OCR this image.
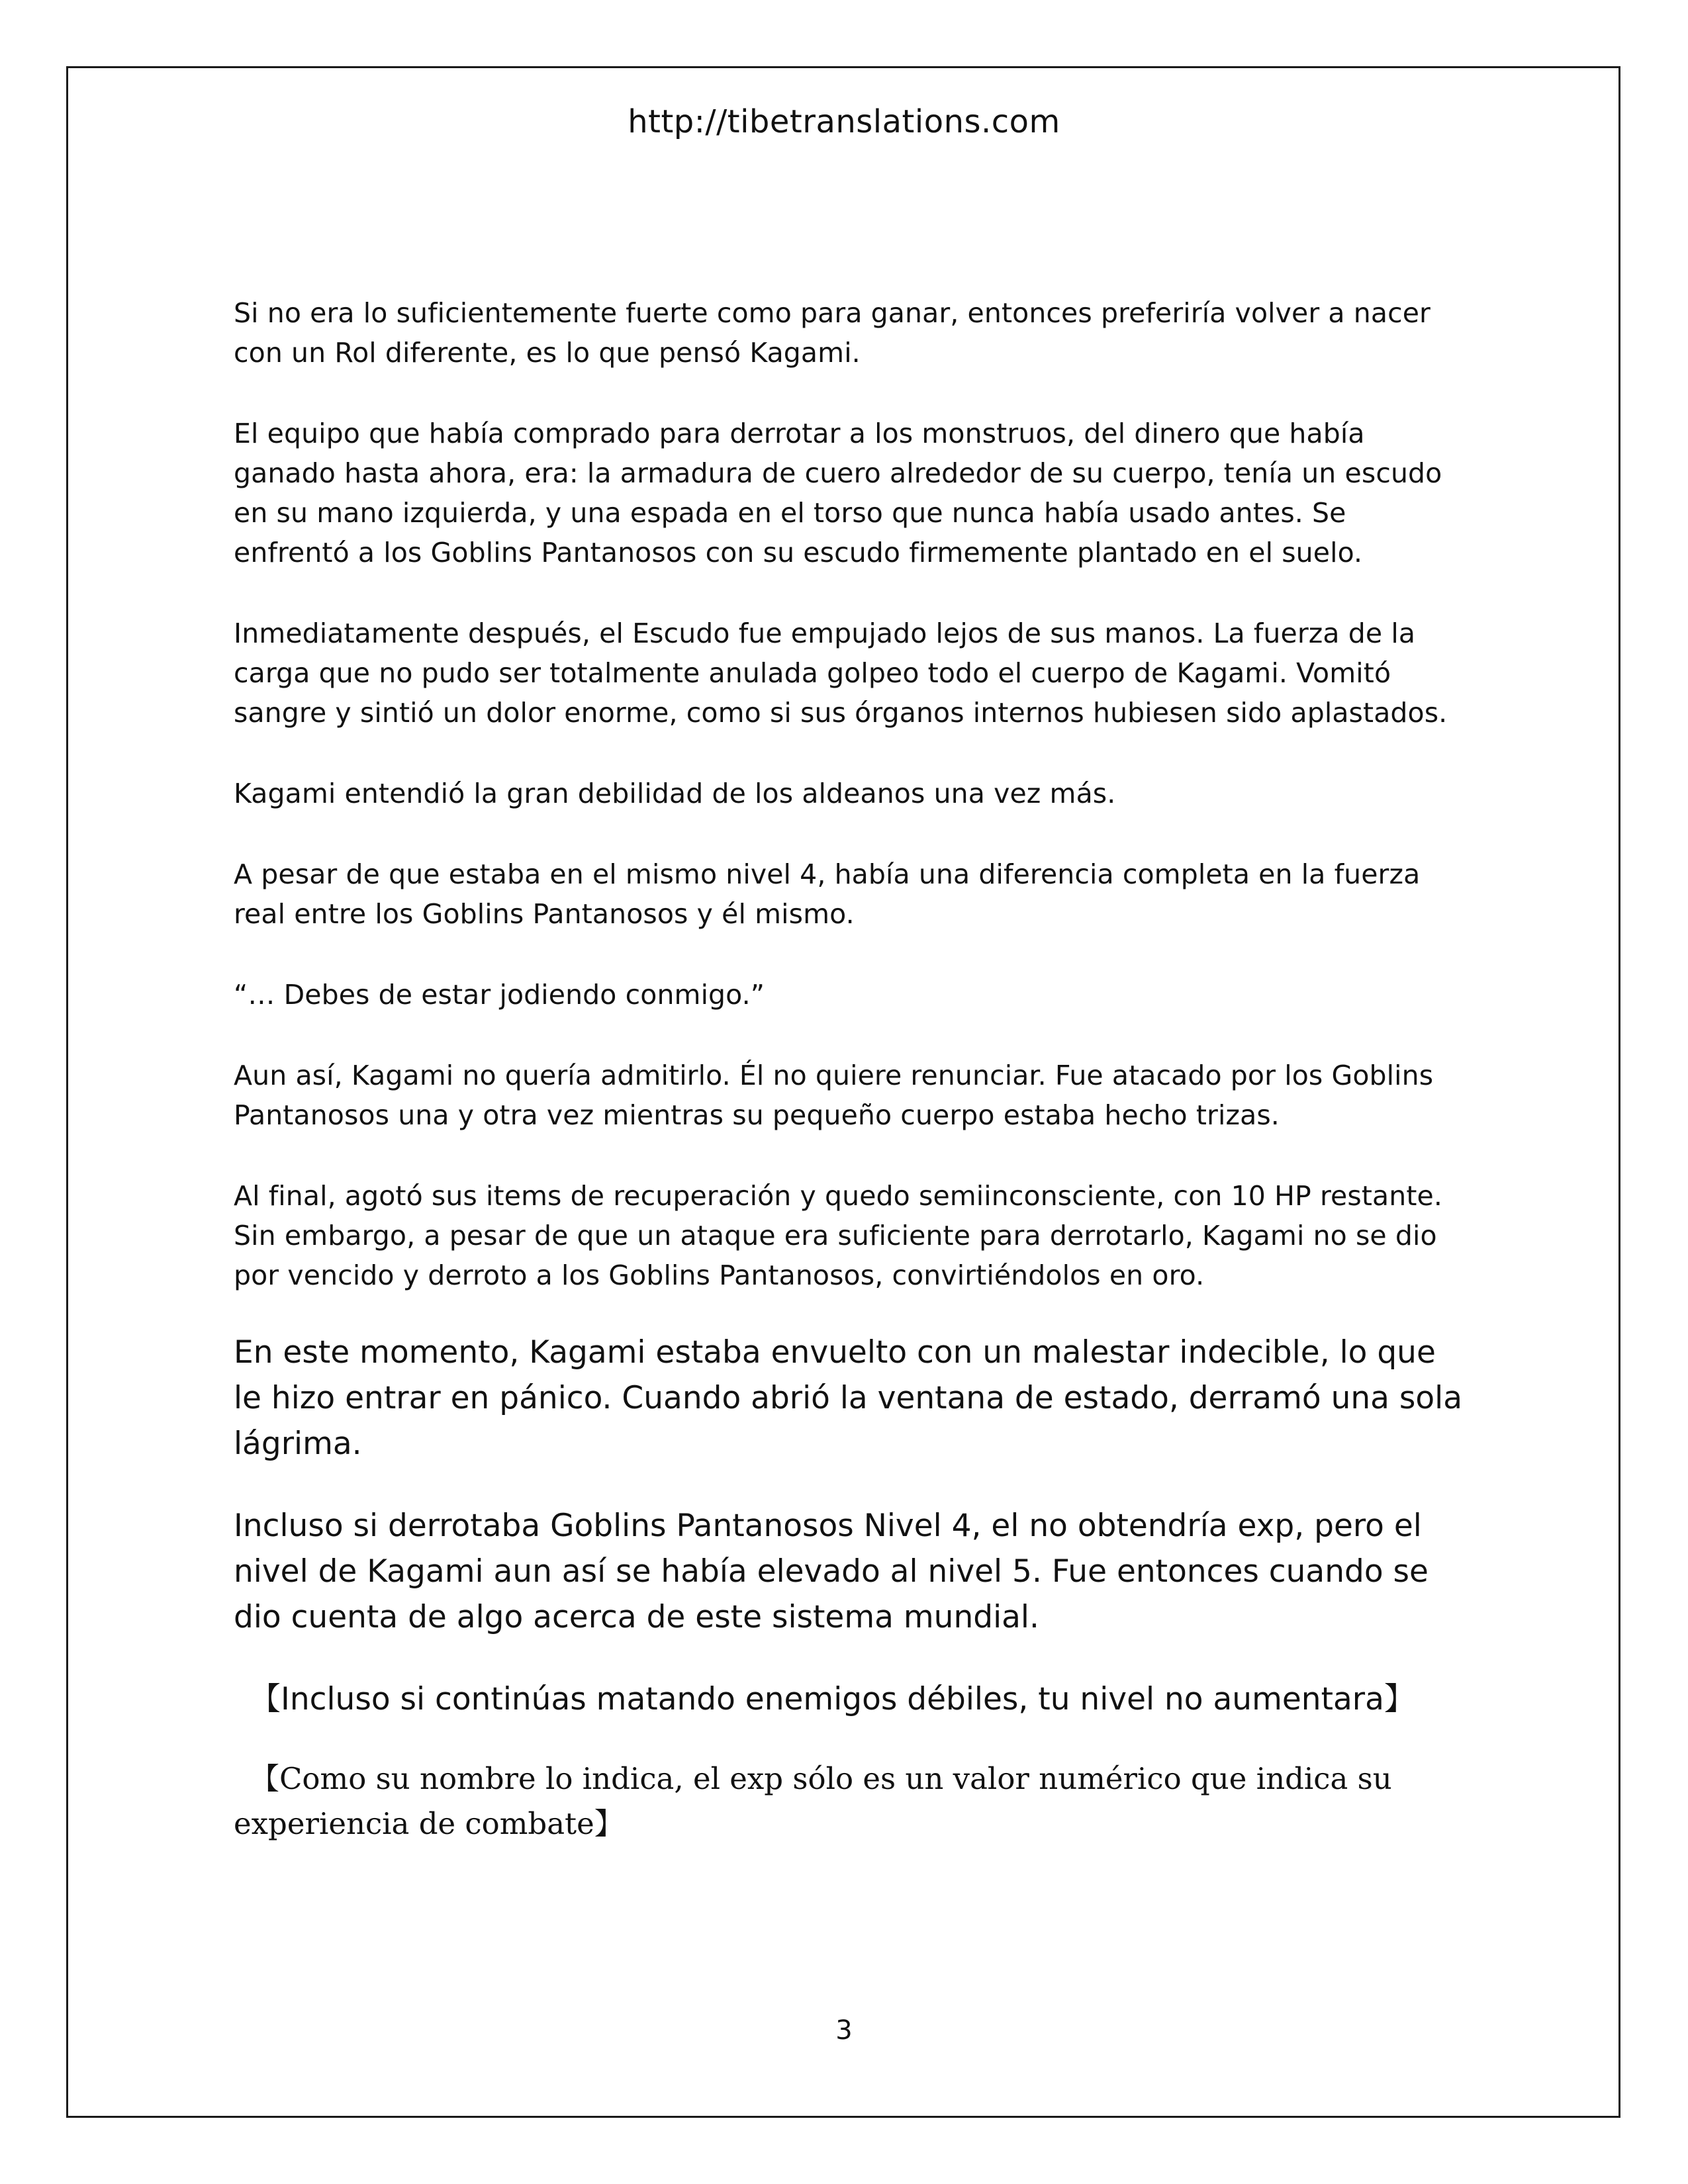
http://tibetranslations.com

Si no era lo suficientemente fuerte como para ganar, entonces preferiría volver a nacer con un Rol diferente, es lo que pensó Kagami.

El equipo que había comprado para derrotar a los monstruos, del dinero que había ganado hasta ahora, era: la armadura de cuero alrededor de su cuerpo, tenía un escudo en su mano izquierda, y una espada en el torso que nunca había usado antes. Se enfrentó a los Goblins Pantanosos con su escudo firmemente plantado en el suelo.

Inmediatamente después, el Escudo fue empujado lejos de sus manos. La fuerza de la carga que no pudo ser totalmente anulada golpeo todo el cuerpo de Kagami. Vomitó sangre y sintió un dolor enorme, como si sus órganos internos hubiesen sido aplastados.

Kagami entendió la gran debilidad de los aldeanos una vez más.

A pesar de que estaba en el mismo nivel 4, había una diferencia completa en la fuerza real entre los Goblins Pantanosos y él mismo.

“… Debes de estar jodiendo conmigo.”

Aun así, Kagami no quería admitirlo. Él no quiere renunciar. Fue atacado por los Goblins Pantanosos una y otra vez mientras su pequeño cuerpo estaba hecho trizas.

Al final, agotó sus items de recuperación y quedo semiinconsciente, con 10 HP restante. Sin embargo, a pesar de que un ataque era suficiente para derrotarlo, Kagami no se dio por vencido y derroto a los Goblins Pantanosos, convirtiéndolos en oro.

En este momento, Kagami estaba envuelto con un malestar indecible, lo que le hizo entrar en pánico. Cuando abrió la ventana de estado, derramó una sola lágrima.

Incluso si derrotaba Goblins Pantanosos Nivel 4, el no obtendría exp, pero el nivel de Kagami aun así se había elevado al nivel 5. Fue entonces cuando se dio cuenta de algo acerca de este sistema mundial.

【Incluso si continúas matando enemigos débiles, tu nivel no aumentara】

【Como su nombre lo indica, el exp sólo es un valor numérico que indica su experiencia de combate】

3
